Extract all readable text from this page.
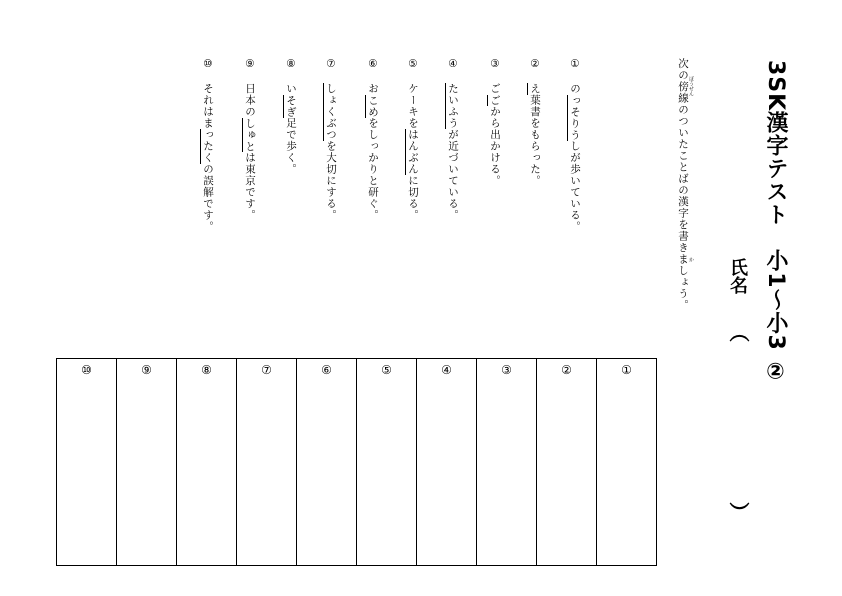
3SK漢字テスト　小1〜小3 ②
氏名
（
）
次の傍線のついたことばの漢字を書きましょう。 ぼうせん
か
①のっそりうしが歩いている。
②え葉書をもらった。
③ごごから出かける。
④たいふうが近づいている。
⑤ケーキをはんぶんに切る。
⑥おこめをしっかりと研ぐ。
⑦しょくぶつを大切にする。
⑧いそぎ足で歩く。
⑨日本のしゅとは東京です。
⑩それはまったくの誤解です。
⑩	⑨	⑧	⑦	⑥	⑤	④	③	②	①
